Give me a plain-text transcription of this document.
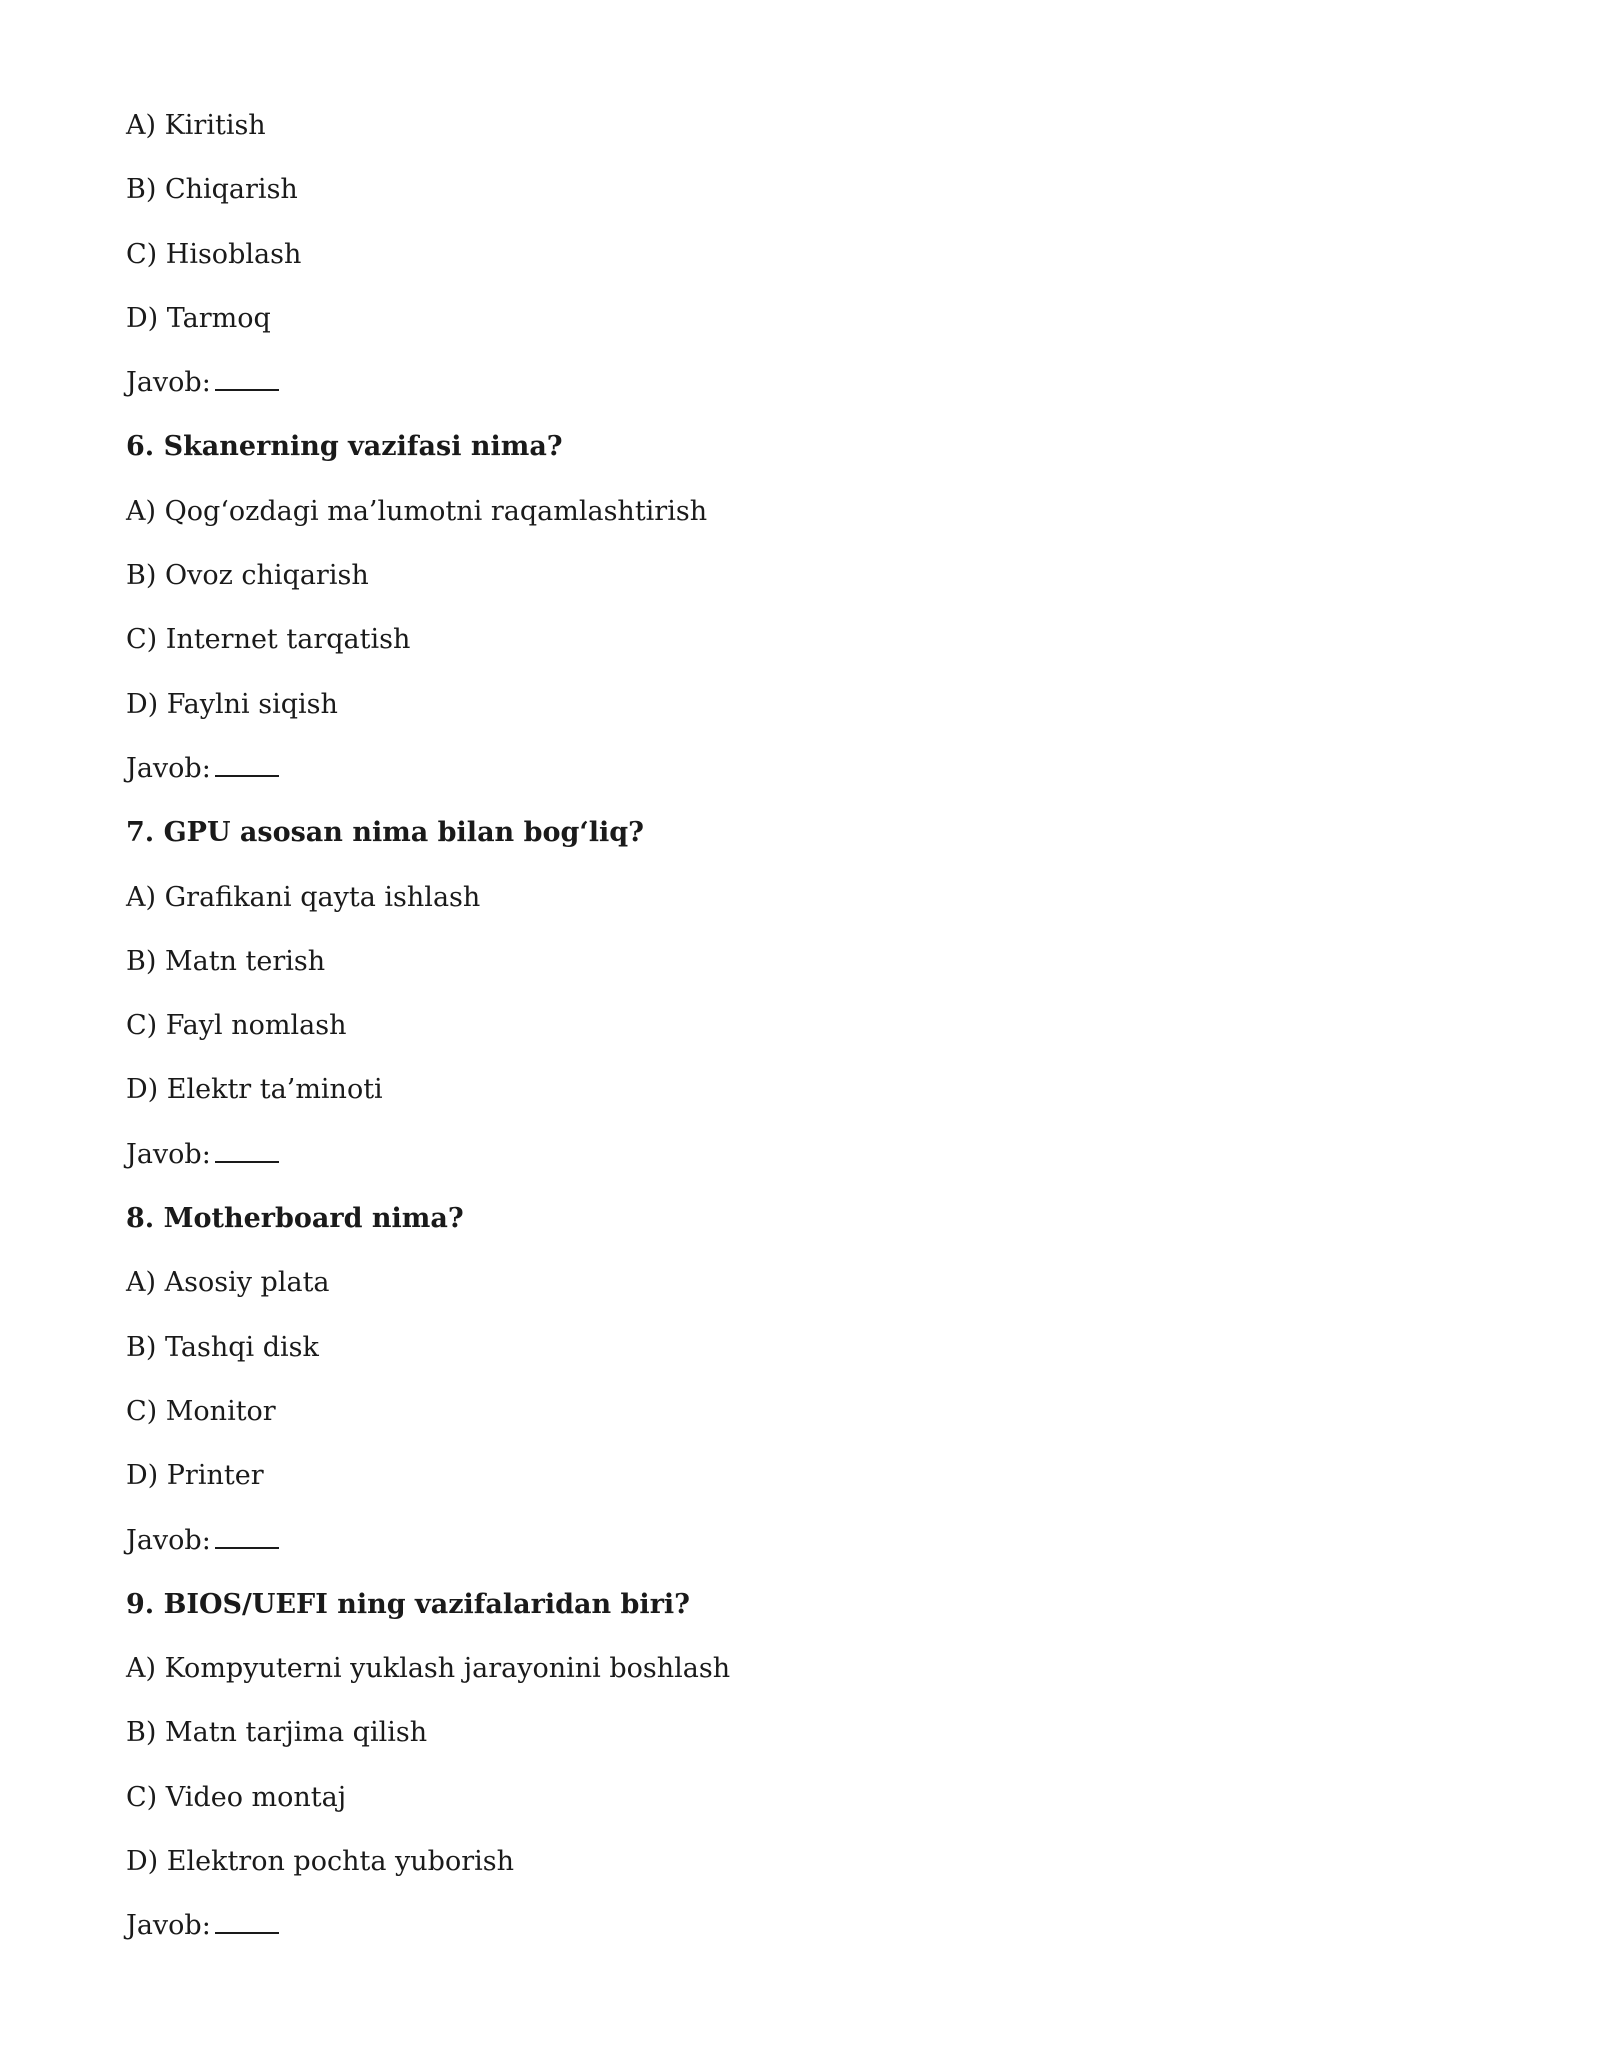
A) Kiritish
B) Chiqarish
C) Hisoblash
D) Tarmoq
Javob:
6. Skanerning vazifasi nima?
A) Qog‘ozdagi ma’lumotni raqamlashtirish
B) Ovoz chiqarish
C) Internet tarqatish
D) Faylni siqish
Javob:
7. GPU asosan nima bilan bog‘liq?
A) Grafikani qayta ishlash
B) Matn terish
C) Fayl nomlash
D) Elektr ta’minoti
Javob:
8. Motherboard nima?
A) Asosiy plata
B) Tashqi disk
C) Monitor
D) Printer
Javob:
9. BIOS/UEFI ning vazifalaridan biri?
A) Kompyuterni yuklash jarayonini boshlash
B) Matn tarjima qilish
C) Video montaj
D) Elektron pochta yuborish
Javob:
